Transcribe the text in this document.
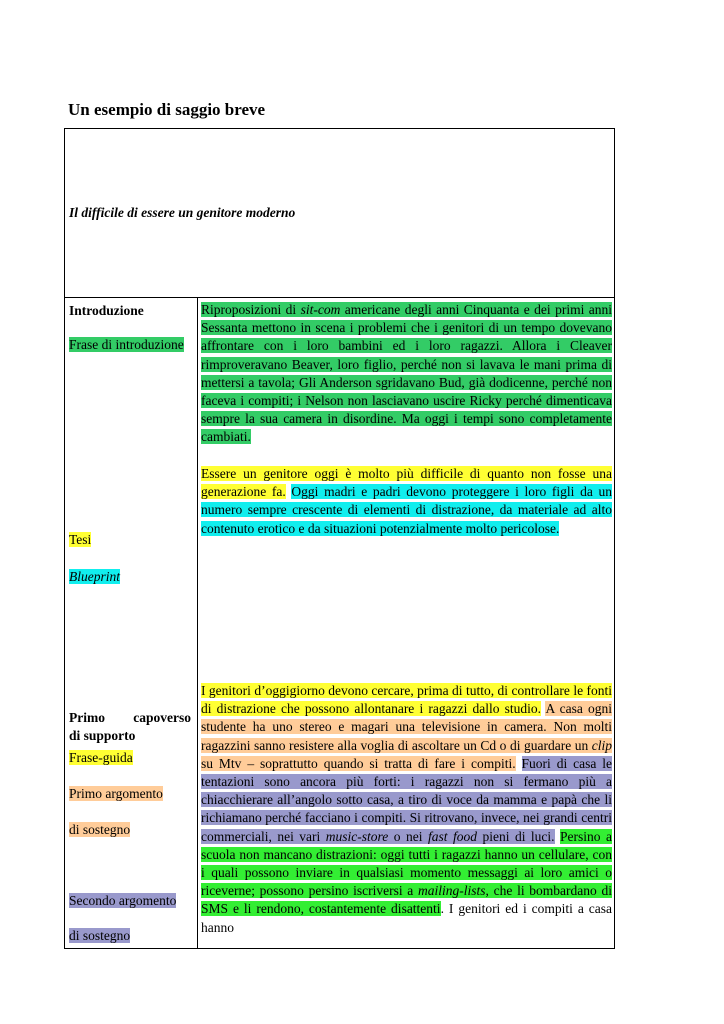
Un esempio di saggio breve
Il difficile di essere un genitore moderno
Introduzione
Frase di introduzione
Tesi
Blueprint
Primo capoverso
di supporto
Frase-guida
Primo argomento
di sostegno
Secondo argomento
di sostegno

Riproposizioni di sit-com americane degli anni Cinquanta e dei primi anni Sessanta mettono in scena i problemi che i genitori di un tempo dovevano affrontare con i loro bambini ed i loro ragazzi. Allora i Cleaver rimproveravano Beaver, loro figlio, perché non si lavava le mani prima di mettersi a tavola; Gli Anderson sgridavano Bud, già dodicenne, perché non faceva i compiti; i Nelson non lasciavano uscire Ricky perché dimenticava sempre la sua camera in disordine. Ma oggi i tempi sono completamente cambiati.

Essere un genitore oggi è molto più difficile di quanto non fosse una generazione fa. Oggi madri e padri devono proteggere i loro figli da un numero sempre crescente di elementi di distrazione, da materiale ad alto contenuto erotico e da situazioni potenzialmente molto pericolose.

I genitori d’oggigiorno devono cercare, prima di tutto, di controllare le fonti di distrazione che possono allontanare i ragazzi dallo studio. A casa ogni studente ha uno stereo e magari una televisione in camera. Non molti ragazzini sanno resistere alla voglia di ascoltare un Cd o di guardare un clip su Mtv – soprattutto quando si tratta di fare i compiti. Fuori di casa le tentazioni sono ancora più forti: i ragazzi non si fermano più a chiacchierare all’angolo sotto casa, a tiro di voce da mamma e papà che li richiamano perché facciano i compiti. Si ritrovano, invece, nei grandi centri commerciali, nei vari music-store o nei fast food pieni di luci. Persino a scuola non mancano distrazioni: oggi tutti i ragazzi hanno un cellulare, con i quali possono inviare in qualsiasi momento messaggi ai loro amici o riceverne; possono persino iscriversi a mailing-lists, che li bombardano di SMS e li rendono, costantemente disattenti. I genitori ed i compiti a casa hanno
